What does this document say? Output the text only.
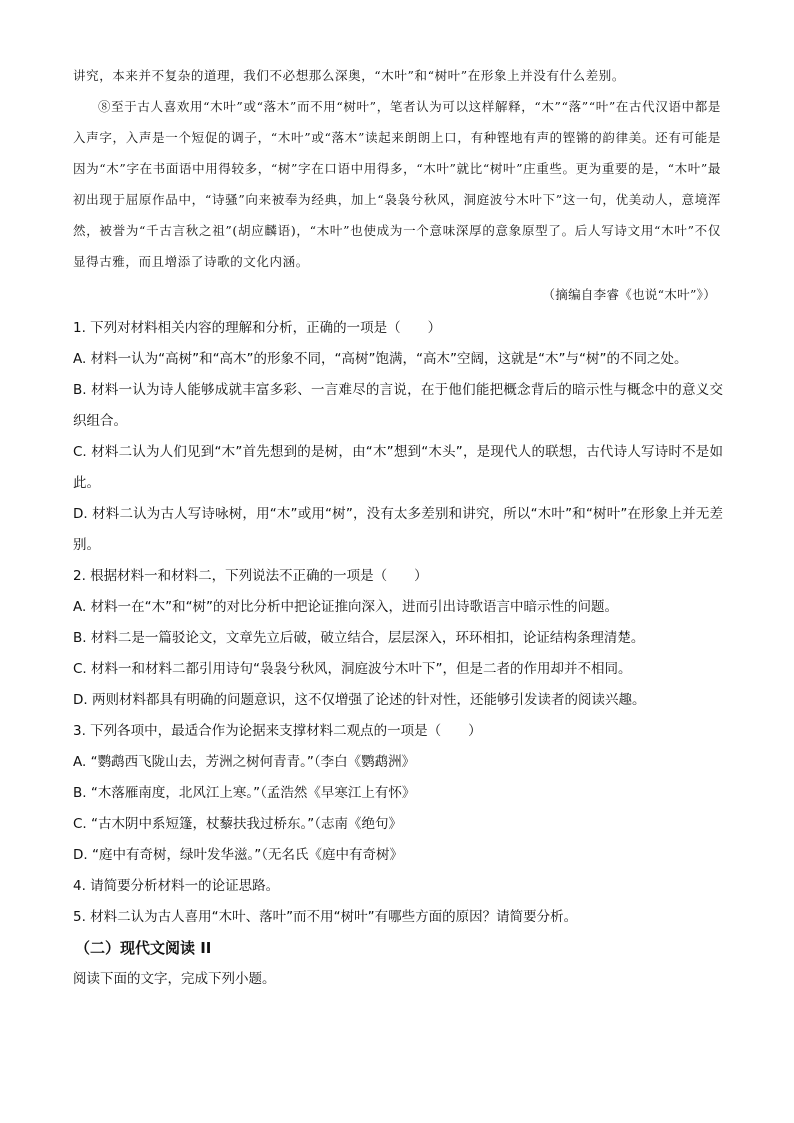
讲究，本来并不复杂的道理，我们不必想那么深奥，“木叶”和“树叶”在形象上并没有什么差别。

⑧至于古人喜欢用“木叶”或“落木”而不用“树叶”，笔者认为可以这样解释，“木”“落”“叶”在古代汉语中都是入声字，入声是一个短促的调子，“木叶”或“落木”读起来朗朗上口，有种铿地有声的铿锵的韵律美。还有可能是因为“木”字在书面语中用得较多，“树”字在口语中用得多，“木叶”就比“树叶”庄重些。更为重要的是，“木叶”最初出现于屈原作品中，“诗骚”向来被奉为经典，加上“袅袅兮秋风，洞庭波兮木叶下”这一句，优美动人，意境浑然，被誉为“千古言秋之祖”(胡应麟语)，“木叶”也使成为一个意味深厚的意象原型了。后人写诗文用“木叶”不仅显得古雅，而且增添了诗歌的文化内涵。

（摘编自李睿《也说“木叶”》）

1. 下列对材料相关内容的理解和分析，正确的一项是（　　）

A. 材料一认为“高树”和“高木”的形象不同，“高树”饱满，“高木”空阔，这就是“木”与“树”的不同之处。

B. 材料一认为诗人能够成就丰富多彩、一言难尽的言说，在于他们能把概念背后的暗示性与概念中的意义交织组合。

C. 材料二认为人们见到“木”首先想到的是树，由“木”想到“木头”，是现代人的联想，古代诗人写诗时不是如此。

D. 材料二认为古人写诗咏树，用“木”或用“树”，没有太多差别和讲究，所以“木叶”和“树叶”在形象上并无差别。

2. 根据材料一和材料二，下列说法不正确的一项是（　　）

A. 材料一在“木”和“树”的对比分析中把论证推向深入，进而引出诗歌语言中暗示性的问题。

B. 材料二是一篇驳论文，文章先立后破，破立结合，层层深入，环环相扣，论证结构条理清楚。

C. 材料一和材料二都引用诗句“袅袅兮秋风，洞庭波兮木叶下”，但是二者的作用却并不相同。

D. 两则材料都具有明确的问题意识，这不仅增强了论述的针对性，还能够引发读者的阅读兴趣。

3. 下列各项中，最适合作为论据来支撑材料二观点的一项是（　　）

A. “鹦鹉西飞陇山去，芳洲之树何青青。”（李白《鹦鹉洲》

B. “木落雁南度，北风江上寒。”（孟浩然《早寒江上有怀》

C. “古木阴中系短篷，杖藜扶我过桥东。”（志南《绝句》

D. “庭中有奇树，绿叶发华滋。”（无名氏《庭中有奇树》

4. 请简要分析材料一的论证思路。

5. 材料二认为古人喜用“木叶、落叶”而不用“树叶”有哪些方面的原因？请简要分析。

（二）现代文阅读 II

阅读下面的文字，完成下列小题。
